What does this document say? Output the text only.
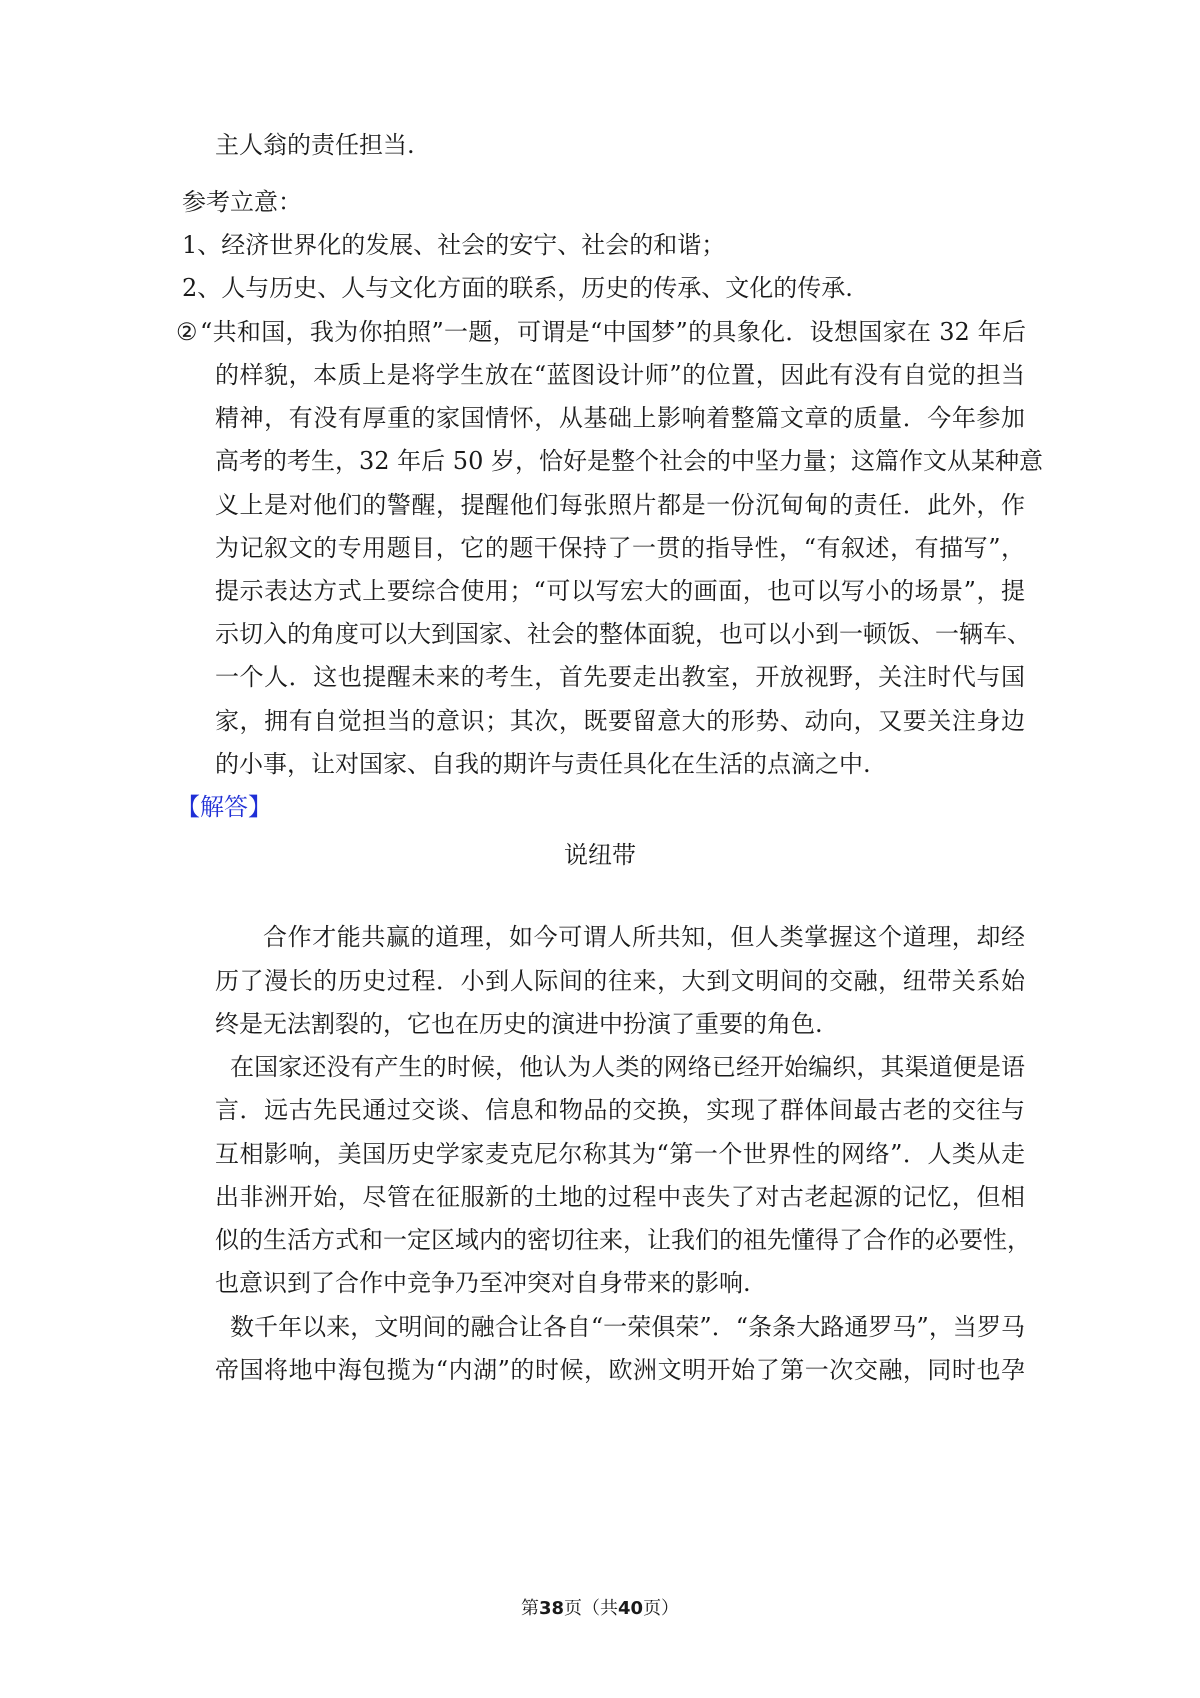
主人翁的责任担当.
参考立意：
1、经济世界化的发展、社会的安宁、社会的和谐；
2、人与历史、人与文化方面的联系，历史的传承、文化的传承.
② “共和国，我为你拍照”一题，可谓是“中国梦”的具象化．设想国家在 32 年后
的样貌，本质上是将学生放在“蓝图设计师”的位置，因此有没有自觉的担当
精神，有没有厚重的家国情怀，从基础上影响着整篇文章的质量．今年参加
高考的考生，32 年后 50 岁，恰好是整个社会的中坚力量；这篇作文从某种意
义上是对他们的警醒，提醒他们每张照片都是一份沉甸甸的责任．此外，作
为记叙文的专用题目，它的题干保持了一贯的指导性，“有叙述，有描写”，
提示表达方式上要综合使用；“可以写宏大的画面，也可以写小的场景”，提
示切入的角度可以大到国家、社会的整体面貌，也可以小到一顿饭、一辆车、
一个人．这也提醒未来的考生，首先要走出教室，开放视野，关注时代与国
家，拥有自觉担当的意识；其次，既要留意大的形势、动向，又要关注身边
的小事，让对国家、自我的期许与责任具化在生活的点滴之中.
【解答】
说纽带
合作才能共赢的道理，如今可谓人所共知，但人类掌握这个道理，却经
历了漫长的历史过程．小到人际间的往来，大到文明间的交融，纽带关系始
终是无法割裂的，它也在历史的演进中扮演了重要的角色.
在国家还没有产生的时候，他认为人类的网络已经开始编织，其渠道便是语
言．远古先民通过交谈、信息和物品的交换，实现了群体间最古老的交往与
互相影响，美国历史学家麦克尼尔称其为“第一个世界性的网络”．人类从走
出非洲开始，尽管在征服新的土地的过程中丧失了对古老起源的记忆，但相
似的生活方式和一定区域内的密切往来，让我们的祖先懂得了合作的必要性，
也意识到了合作中竞争乃至冲突对自身带来的影响.
数千年以来，文明间的融合让各自“一荣俱荣”．“条条大路通罗马”，当罗马
帝国将地中海包揽为“内湖”的时候，欧洲文明开始了第一次交融，同时也孕
第38页（共40页）
